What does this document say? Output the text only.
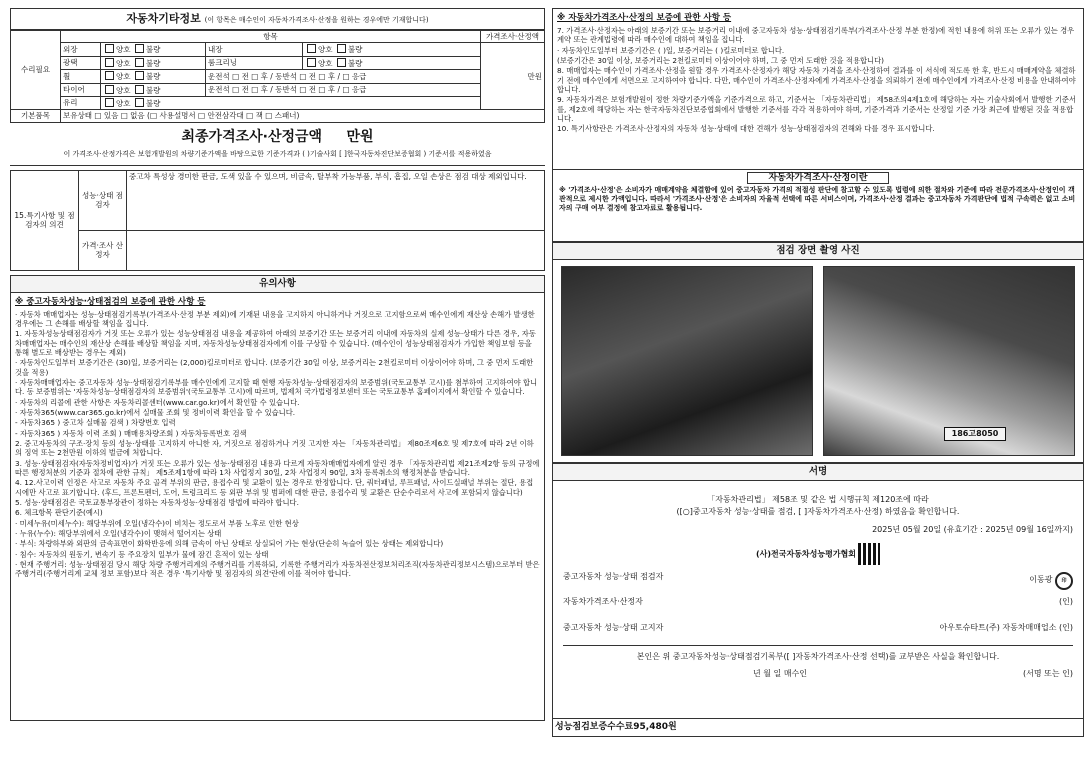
자동차기타정보 (이 항목은 매수인이 자동차가격조사·산정을 원하는 경우에만 기재합니다)
수리필요	항목				가격조사·산정액
	외장	양호 불량	내장	양호 불량	만원
	광택	양호 불량	룸크리닝	양호 불량	
	휠	양호 불량	운전석 □ 전 □ 후 / 동반석 □ 전 □ 후 / □ 응급		
	타이어	양호 불량	운전석 □ 전 □ 후 / 동반석 □ 전 □ 후 / □ 응급		
	유리	양호 불량			
기본품목	보유상태 □ 있음 □ 없음 (□ 사용설명서 □ 안전삼각대 □ 잭 □ 스패너)				
최종가격조사·산정금액 만원
이 가격조사·산정가격은 보험개발원의 차량기준가액을 바탕으로한 기준가격과 ( )기술사회 [ ]한국자동차진단보증협회 ) 기준서를 적용하였음
15.특기사항 및 점검자의 의견	성능·상태 점검자	중고차 특성상 경미한 판금, 도색 있을 수 있으며, 비금속, 탈부착 가능부품, 부식, 흠집, 오일 손상은 점검 대상 제외입니다.
	가격·조사 산정자	
유의사항
※ 중고자동차성능·상태점검의 보증에 관한 사항 등

· 자동차 매매업자는 성능·상태점검기록부(가격조사·산정 부분 제외)에 기재된 내용을 고지하지 아니하거나 거짓으로 고지함으로써 매수인에게 재산상 손해가 발생한 경우에는 그 손해를 배상할 책임을 집니다.

1. 자동차성능상태점검자가 거짓 또는 오류가 있는 성능상태점검 내용을 제공하여 아래의 보증기간 또는 보증거리 이내에 자동차의 실제 성능·상태가 다른 경우, 자동차매매업자는 매수인의 재산상 손해를 배상할 책임을 지며, 자동차성능상태점검자에게 이를 구상할 수 있습니다. (매수인이 성능상태점검자가 가입한 책임보험 등을 통해 별도로 배상받는 경우는 제외)

· 자동차인도일부터 보증기간은 (30)일, 보증거리는 (2,000)킬로미터로 합니다. (보증기간 30일 이상, 보증거리는 2천킬로미터 이상이어야 하며, 그 중 먼저 도래한 것을 적용)

· 자동차매매업자는 중고자동차 성능·상태점검기록부를 매수인에게 고지할 때 현행 자동차성능·상태점검자의 보증범위(국토교통부 고시)를 첨부하여 고지하여야 합니다. 동 보증범위는 '자동차성능·상태점검자의 보증범위'(국토교통부 고시)에 따르며, 법제처 국가법령정보센터 또는 국토교통부 홈페이지에서 확인할 수 있습니다.

· 자동차의 리콜에 관한 사항은 자동차리콜센터(www.car.go.kr)에서 확인할 수 있습니다.

· 자동차365(www.car365.go.kr)에서 실매물 조회 및 정비이력 확인을 할 수 있습니다.

- 자동차365 ) 중고차 실매물 검색 ) 차량번호 입력

- 자동차365 ) 자동차 이력 조회 ) 매매용차량조회 ) 자동차등록번호 검색

2. 중고자동차의 구조·장치 등의 성능·상태를 고지하지 아니한 자, 거짓으로 점검하거나 거짓 고지한 자는 「자동차관리법」 제80조제6호 및 제7호에 따라 2년 이하의 징역 또는 2천만원 이하의 벌금에 처합니다.

3. 성능·상태점검자(자동차정비업자)가 거짓 또는 오류가 있는 성능·상태점검 내용과 다르게 자동차매매업자에게 알린 경우 「자동차관리법 제21조제2항 등의 규정에 따른 행정처분의 기준과 절차에 관한 규칙」 제5조제1항에 따라 1차 사업정지 30일, 2차 사업정지 90일, 3차 등록취소의 행정처분을 받습니다.

4. 12.사고이력 인정은 사고로 자동차 주요 골격 부위의 판금, 용접수리 및 교환이 있는 경우로 한정합니다. 단, 쿼터패널, 루프패널, 사이드실패널 부위는 절단, 용접 시에만 사고로 표기합니다. (후드, 프론트펜더, 도어, 트렁크리드 등 외판 부위 및 범퍼에 대한 판금, 용접수리 및 교환은 단순수리로서 사고에 포함되지 않습니다)

5. 성능·상태점검은 국토교통부장관이 정하는 자동차성능·상태점검 방법에 따라야 합니다.

6. 체크항목 판단기준(예시)

· 미세누유(미세누수): 해당부위에 오일(냉각수)이 비치는 정도로서 부품 노후로 인한 현상

· 누유(누수): 해당부위에서 오일(냉각수)이 맺혀서 떨어지는 상태

· 부식: 차량하부와 외판의 금속표면이 화학반응에 의해 금속이 아닌 상태로 상실되어 가는 현상(단순히 녹슬어 있는 상태는 제외합니다)

· 침수: 자동차의 원동기, 변속기 등 주요장치 일부가 물에 잠긴 흔적이 있는 상태

· 현재 주행거리: 성능·상태점검 당시 해당 차량 주행거리계의 주행거리를 기록하되, 기록한 주행거리가 자동차전산정보처리조직(자동차관리정보시스템)으로부터 받은 주행거리(주행거리계 교체 정보 포함)보다 적은 경우 '특기사항 및 점검자의 의견'란에 이를 적어야 합니다.

※ 자동차가격조사·산정의 보증에 관한 사항 등

7. 가격조사·산정자는 아래의 보증기간 또는 보증거리 이내에 중고자동차 성능·상태점검기록부(가격조사·산정 부분 한정)에 적힌 내용에 허위 또는 오류가 있는 경우 계약 또는 관계법령에 따라 매수인에 대하여 책임을 집니다.

· 자동차인도일부터 보증기간은 ( )일, 보증거리는 ( )킬로미터로 합니다.

(보증기간은 30일 이상, 보증거리는 2천킬로미터 이상이어야 하며, 그 중 먼저 도래한 것을 적용합니다)

8. 매매업자는 매수인이 가격조사·산정을 원할 경우 가격조사·산정자가 해당 자동차 가격을 조사·산정하여 결과를 이 서식에 적도록 한 후, 반드시 매매계약을 체결하기 전에 매수인에게 서면으로 고지하여야 합니다. 다만, 매수인이 가격조사·산정자에게 가격조사·산정을 의뢰하기 전에 매수인에게 가격조사·산정 비용을 안내하여야 합니다.

9. 자동차가격은 보험개발원이 정한 차량기준가액을 기준가격으로 하고, 기준서는 「자동차관리법」 제58조의4제1호에 해당하는 자는 기술사회에서 발행한 기준서를, 제2호에 해당하는 자는 한국자동차진단보증협회에서 발행한 기준서를 각각 적용하여야 하며, 기준가격과 기준서는 산정일 기준 가장 최근에 발행된 것을 적용합니다.

10. 특기사항란은 가격조사·산정자의 자동차 성능·상태에 대한 견해가 성능·상태점검자의 견해와 다를 경우 표시합니다.

자동차가격조사·산정이란
※ '가격조사·산정'은 소비자가 매매계약을 체결함에 있어 중고자동차 가격의 적절성 판단에 참고할 수 있도록 법령에 의한 절차와 기준에 따라 전문가격조사·산정인이 객관적으로 제시한 가액입니다. 따라서 '가격조사·산정'은 소비자의 자율적 선택에 따른 서비스이며, 가격조사·산정 결과는 중고자동차 가격판단에 법적 구속력은 없고 소비자의 구매 여부 결정에 참고자료로 활용됩니다.
점검 장면 촬영 사진
186고8050
서명
「자동차관리법」 제58조 및 같은 법 시행규칙 제120조에 따라
([○]중고자동차 성능·상태를 점검, [ ]자동차가격조사·산정) 하였음을 확인합니다.
2025년 05월 20일 (유효기간 : 2025년 09월 16일까지)
(사)전국자동차성능평가협회
중고자동차 성능·상태 점검자	이동광 印
자동차가격조사·산정자	(인)
중고자동차 성능·상태 고지자	아우토슈타트(주) 자동차매매업소 (인)
본인은 위 중고자동차성능·상태점검기록부([ ]자동차가격조사·산정 선택)를 교부받은 사실을 확인합니다.
년 월 일 매수인	(서명 또는 인)
성능점검보증수수료95,480원
